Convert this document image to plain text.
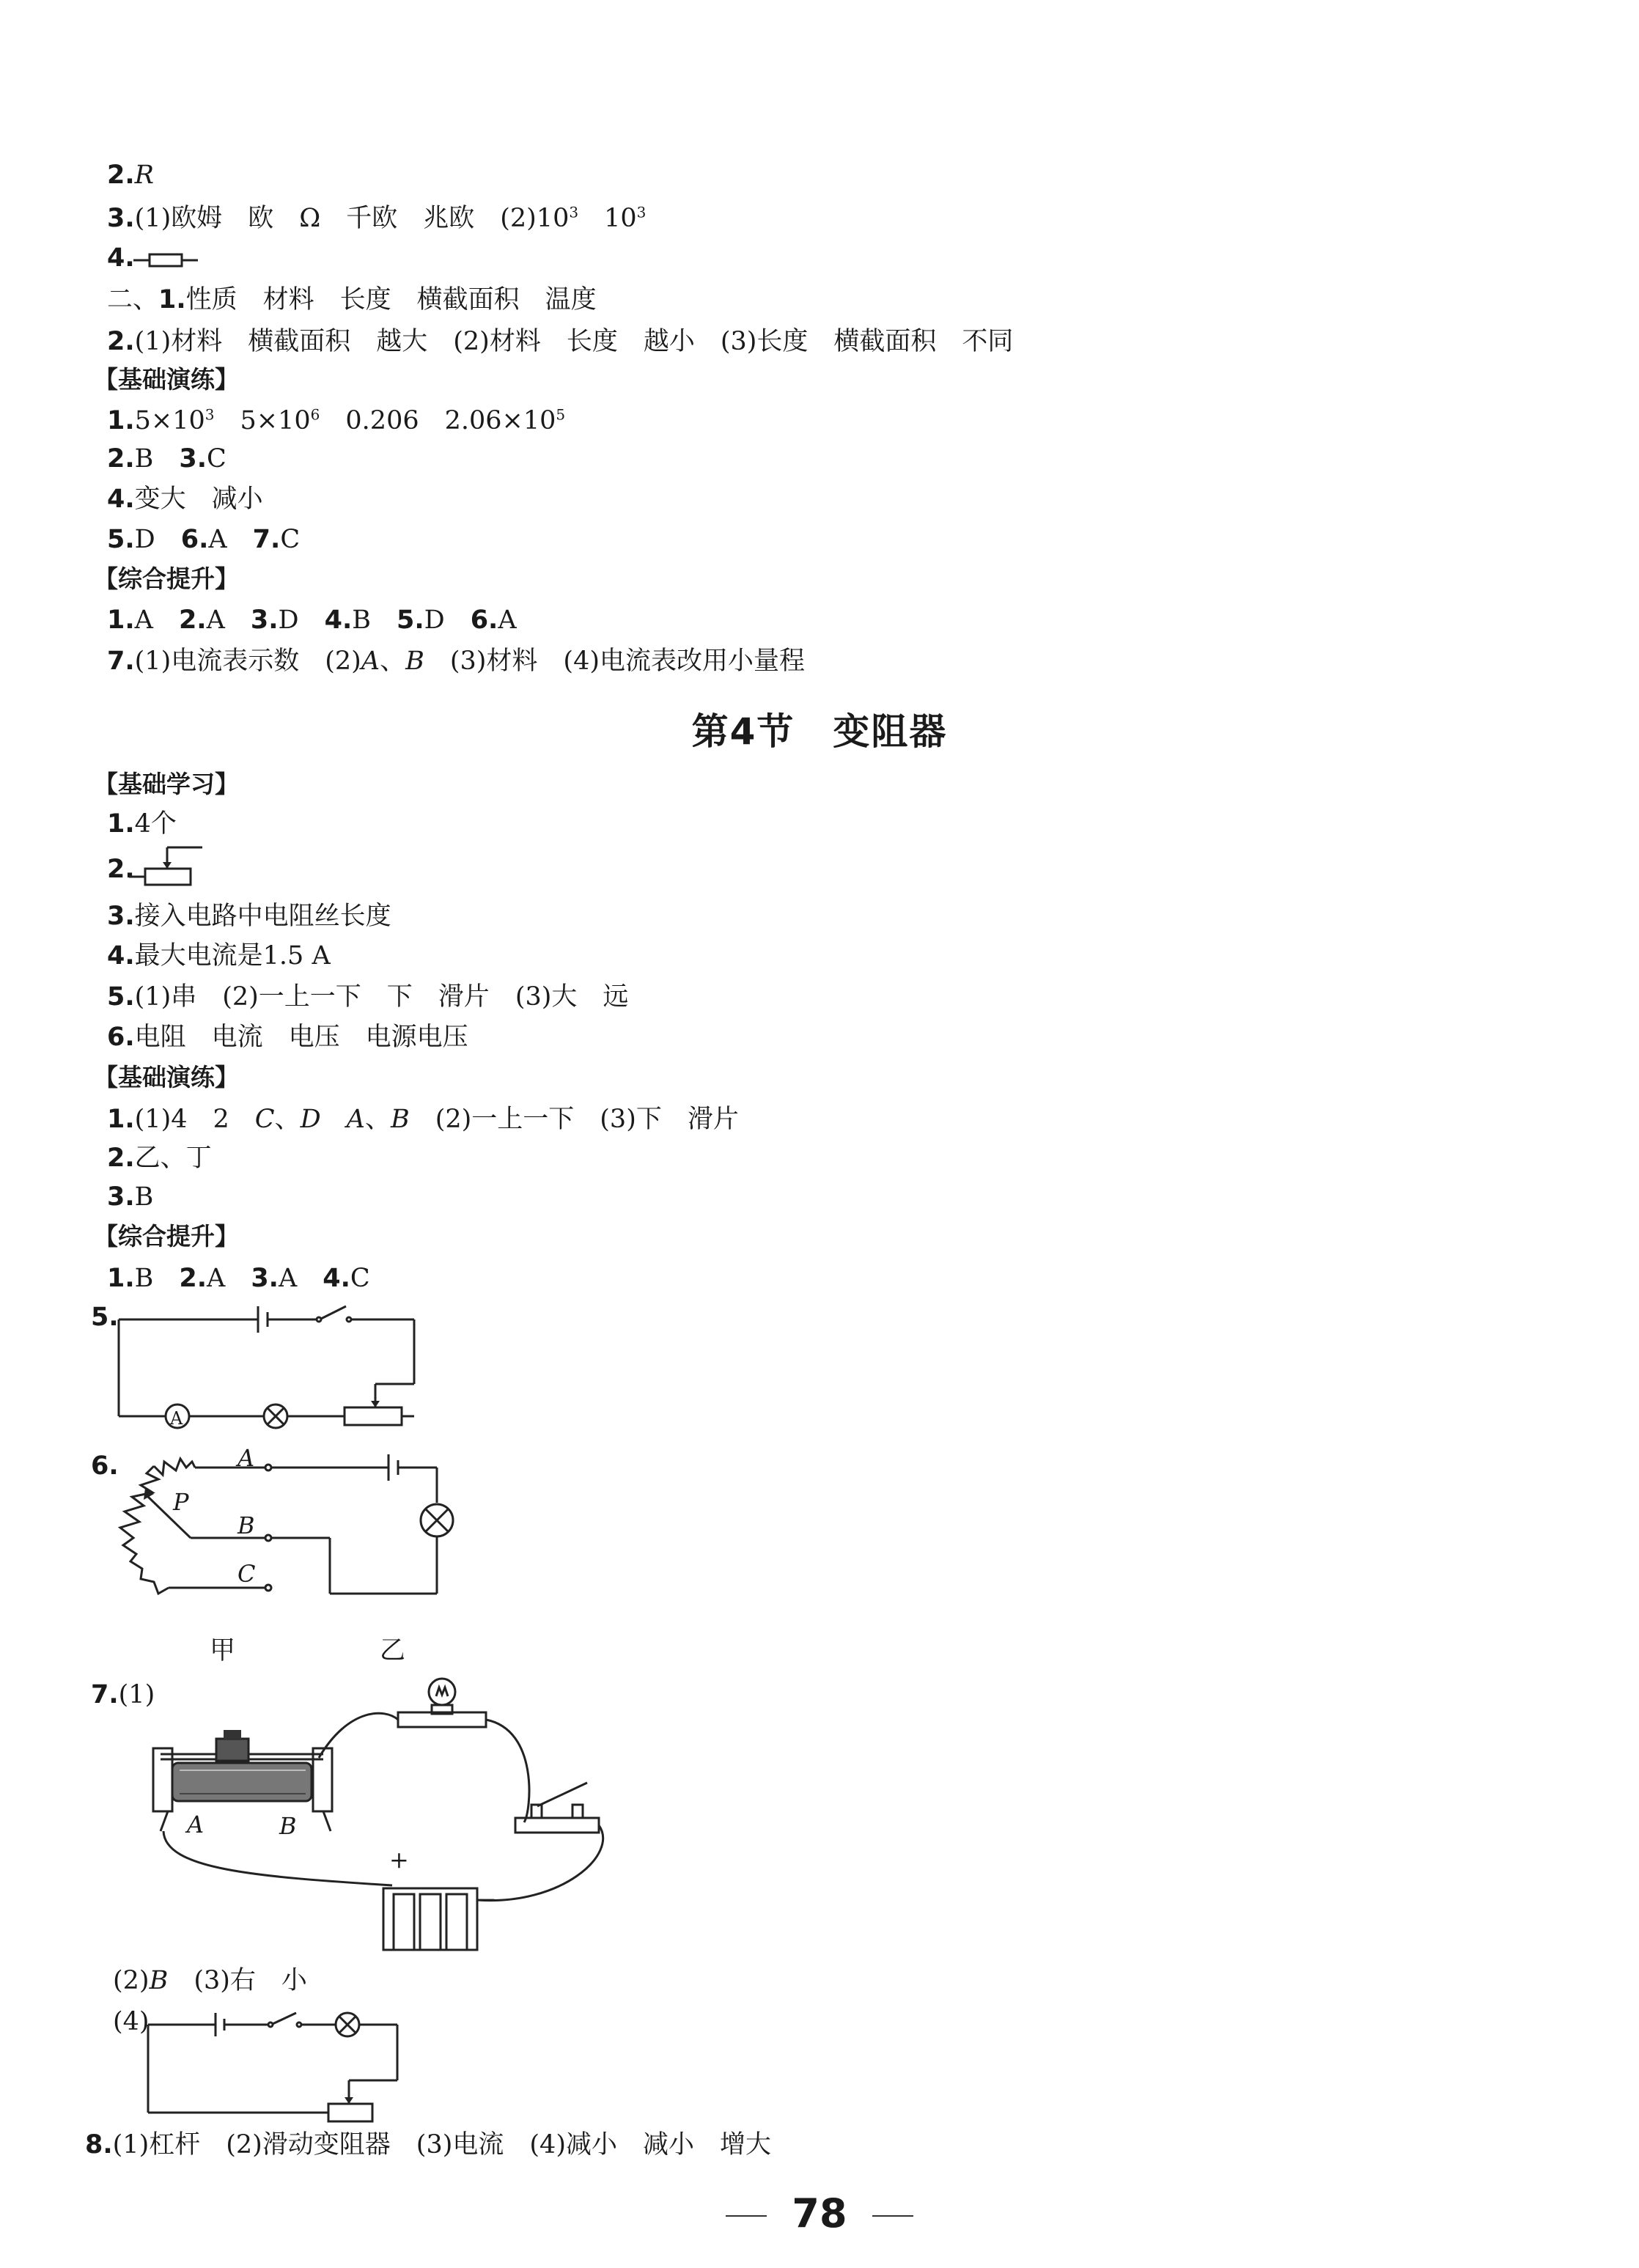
2.R
3.(1)欧姆　欧　Ω　千欧　兆欧　$(2)10^3$　$10^3$
4.
二、1.性质　材料　长度　横截面积　温度
2.(1)材料　横截面积　越大　(2)材料　长度　越小　(3)长度　横截面积　不同
【基础演练】
$1.5\times 10^3$　$5\times 10^6$　0.206　$2.06\times 10^5$
2.B　3.C
4.变大　减小
5.D　6.A　7.C
【综合提升】
1.A　2.A　3.D　4.B　5.D　6.A
7.(1)电流表示数　(2)A、B　(3)材料　(4)电流表改用小量程
第4节　变阻器
【基础学习】
1.4个
2.
3.接入电路中电阻丝长度
4.最大电流是1.5 A
5.(1)串　(2)一上一下　下　滑片　(3)大　远
6.电阻　电流　电压　电源电压
【基础演练】
1.(1)4　2　C、D　 A、B　(2)一上一下　(3)下　滑片
2.乙、丁
3.B
【综合提升】
1.B　2.A　3.A　4.C
5.
A
6.	A
P
B
C
甲	乙
7.(1)
A	B
+
−
(2)B　(3)右　小
(4)
8.(1)杠杆　(2)滑动变阻器　(3)电流　(4)减小　减小　增大
78
